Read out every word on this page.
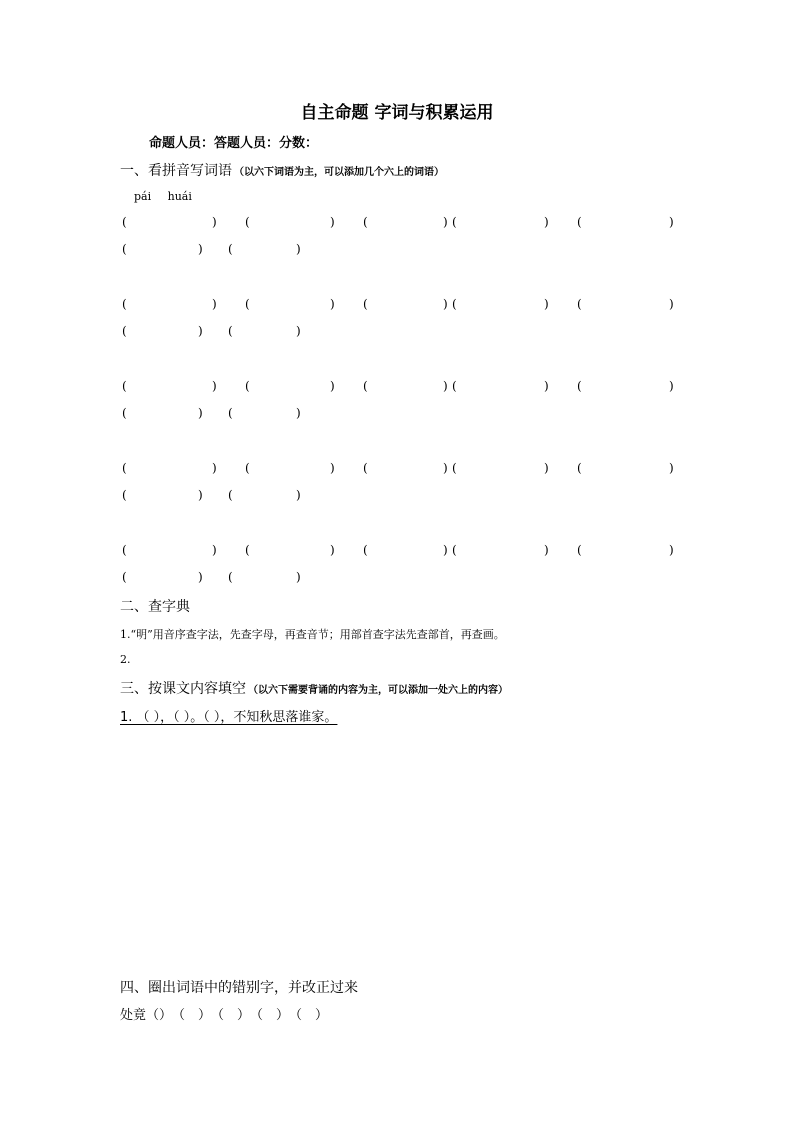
自主命题 字词与积累运用
命题人员：答题人员：分数：
一、看拼音写词语 （以六下词语为主，可以添加几个六上的词语）
pái huái
(	) (	) (	) (	) (	)
(	) (	)
(	) (	) (	) (	) (	)
(	) (	)
(	) (	) (	) (	) (	)
(	) (	)
(	) (	) (	) (	) (	)
(	) (	)
(	) (	) (	) (	) (	)
(	) (	)
二、查字典
1.“明”用音序查字法，先查字母，再查音节；用部首查字法先查部首，再查画。
2.
三、按课文内容填空 （以六下需要背诵的内容为主，可以添加一处六上的内容）
1. （ ），（ ）。（ ），不知秋思落谁家。
四、圈出词语中的错别字，并改正过来
处竟（）　（　）　（　）　（　）　（　）
